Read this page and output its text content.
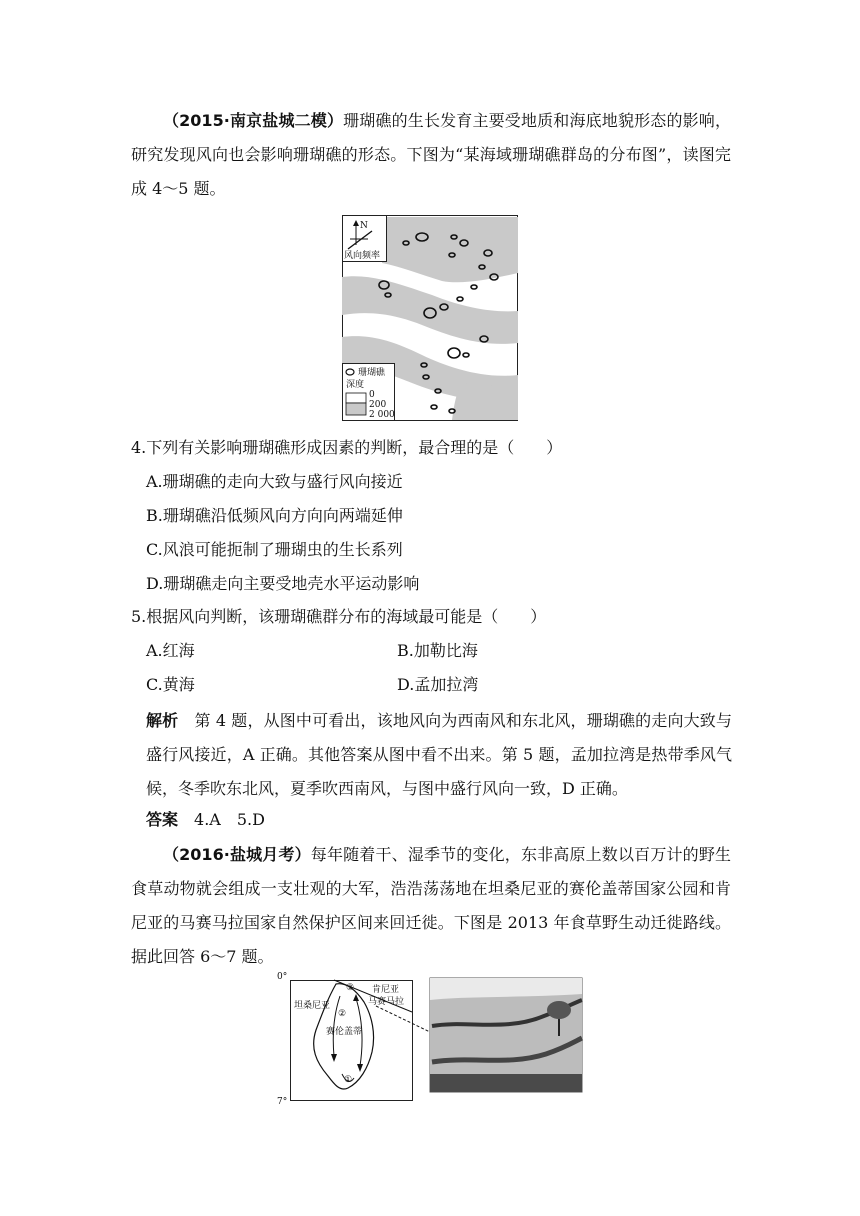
（2015·南京盐城二模）珊瑚礁的生长发育主要受地质和海底地貌形态的影响，研究发现风向也会影响珊瑚礁的形态。下图为“某海域珊瑚礁群岛的分布图”，读图完成 4～5 题。
N
风向频率
珊瑚礁
深度
0
200
2 000
4.下列有关影响珊瑚礁形成因素的判断，最合理的是（　　）
A.珊瑚礁的走向大致与盛行风向接近
B.珊瑚礁沿低频风向方向向两端延伸
C.风浪可能扼制了珊瑚虫的生长系列
D.珊瑚礁走向主要受地壳水平运动影响
5.根据风向判断，该珊瑚礁群分布的海域最可能是（　　）
A.红海	B.加勒比海
C.黄海	D.孟加拉湾
解析　 第 4 题，从图中可看出，该地风向为西南风和东北风，珊瑚礁的走向大致与盛行风接近，A 正确。其他答案从图中看不出来。第 5 题，孟加拉湾是热带季风气候，冬季吹东北风，夏季吹西南风，与图中盛行风向一致，D 正确。
答案　 4.A　5.D
（2016·盐城月考）每年随着干、湿季节的变化，东非高原上数以百万计的野生食草动物就会组成一支壮观的大军，浩浩荡荡地在坦桑尼亚的赛伦盖蒂国家公园和肯尼亚的马赛马拉国家自然保护区间来回迁徙。下图是 2013 年食草野生动迁徙路线。据此回答 6～7 题。
0°
7°
肯尼亚
坦桑尼亚	马赛马拉
赛伦盖蒂
①
②
③
